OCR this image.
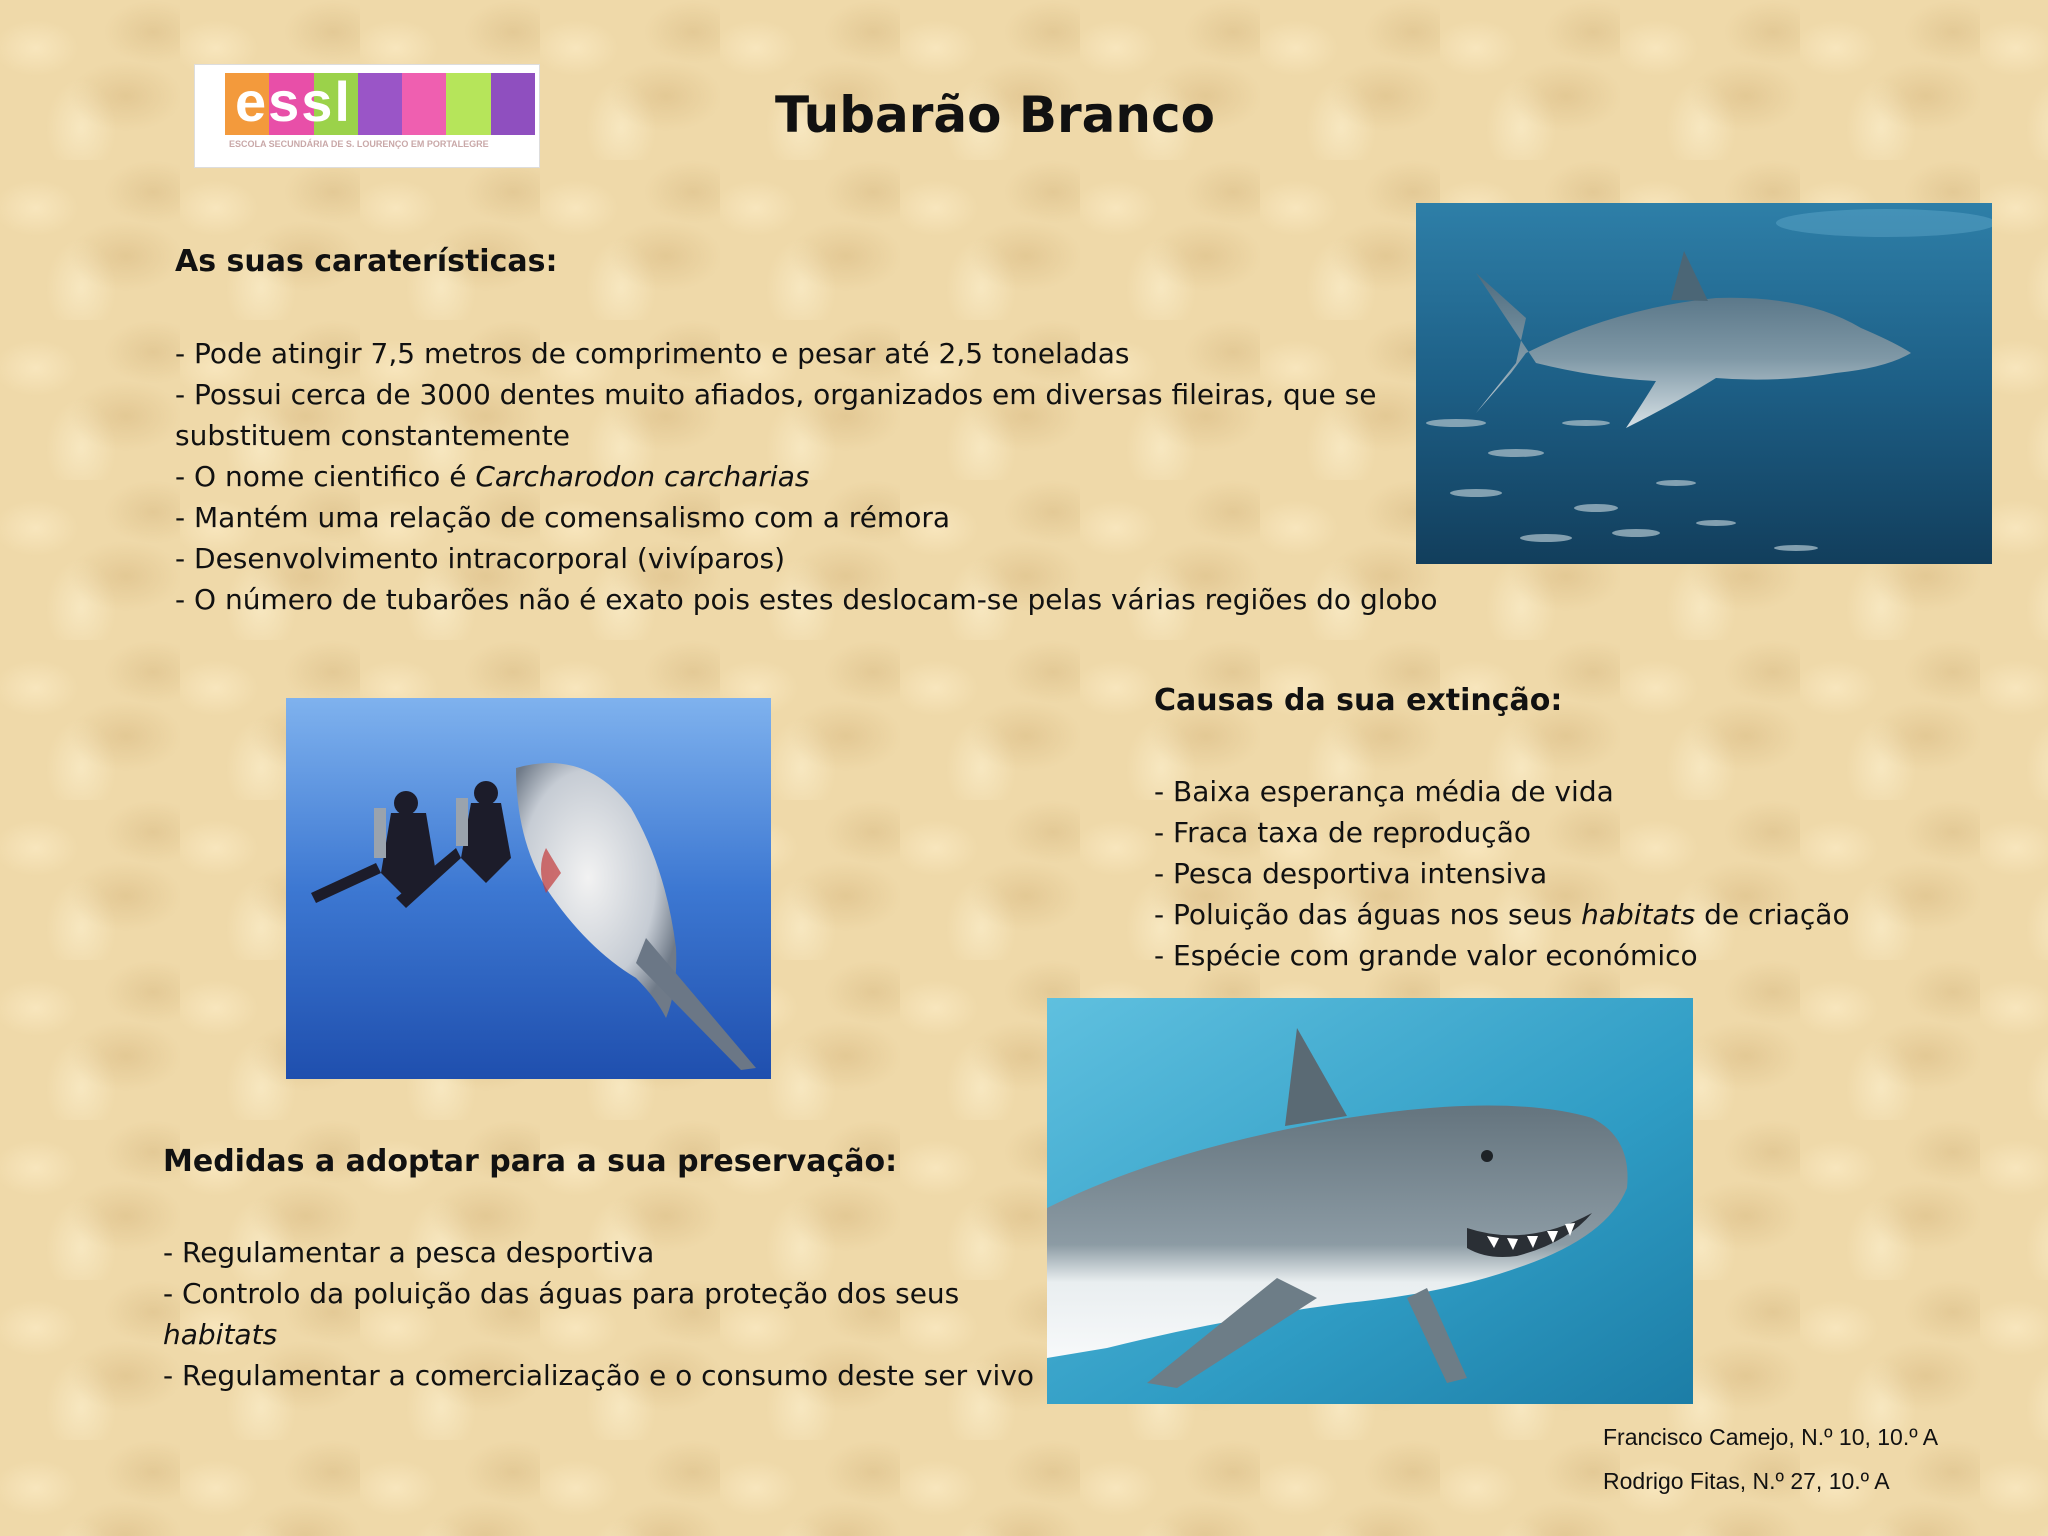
essl
ESCOLA SECUNDÁRIA DE S. LOURENÇO EM PORTALEGRE	Tubarão Branco
As suas caraterísticas:

- Pode atingir 7,5 metros de comprimento e pesar até 2,5 toneladas

- Possui cerca de 3000 dentes muito afiados, organizados em diversas fileiras, que se

substituem constantemente

- O nome cientifico é Carcharodon carcharias

- Mantém uma relação de comensalismo com a rémora

- Desenvolvimento intracorporal (vivíparos)

- O número de tubarões não é exato pois estes deslocam-se pelas várias regiões do globo

Causas da sua extinção:

- Baixa esperança média de vida

- Fraca taxa de reprodução

- Pesca desportiva intensiva

- Poluição das águas nos seus habitats de criação

- Espécie com grande valor económico

Medidas a adoptar para a sua preservação:

- Regulamentar a pesca desportiva

- Controlo da poluição das águas para proteção dos seus

habitats

- Regulamentar a comercialização e o consumo deste ser vivo

Francisco Camejo, N.º 10, 10.º A
Rodrigo Fitas, N.º 27, 10.º A
